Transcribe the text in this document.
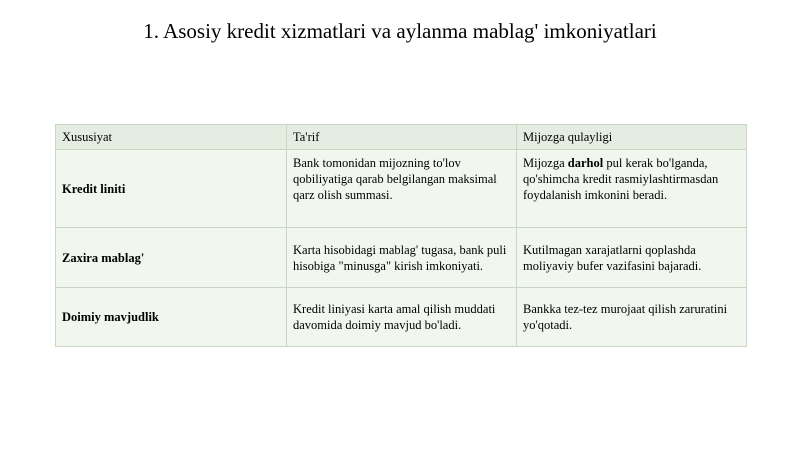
1. Asosiy kredit xizmatlari va aylanma mablag' imkoniyatlari
Xususiyat	Ta'rif	Mijozga qulayligi
Kredit liniti	Bank tomonidan mijozning to'lov qobiliyatiga qarab belgilangan maksimal qarz olish summasi.	Mijozga darhol pul kerak bo'lganda, qo'shimcha kredit rasmiylashtirmasdan foydalanish imkonini beradi.
Zaxira mablag'	Karta hisobidagi mablag' tugasa, bank puli hisobiga "minusga" kirish imkoniyati.	Kutilmagan xarajatlarni qoplashda moliyaviy bufer vazifasini bajaradi.
Doimiy mavjudlik	Kredit liniyasi karta amal qilish muddati davomida doimiy mavjud bo'ladi.	Bankka tez-tez murojaat qilish zaruratini yo'qotadi.
